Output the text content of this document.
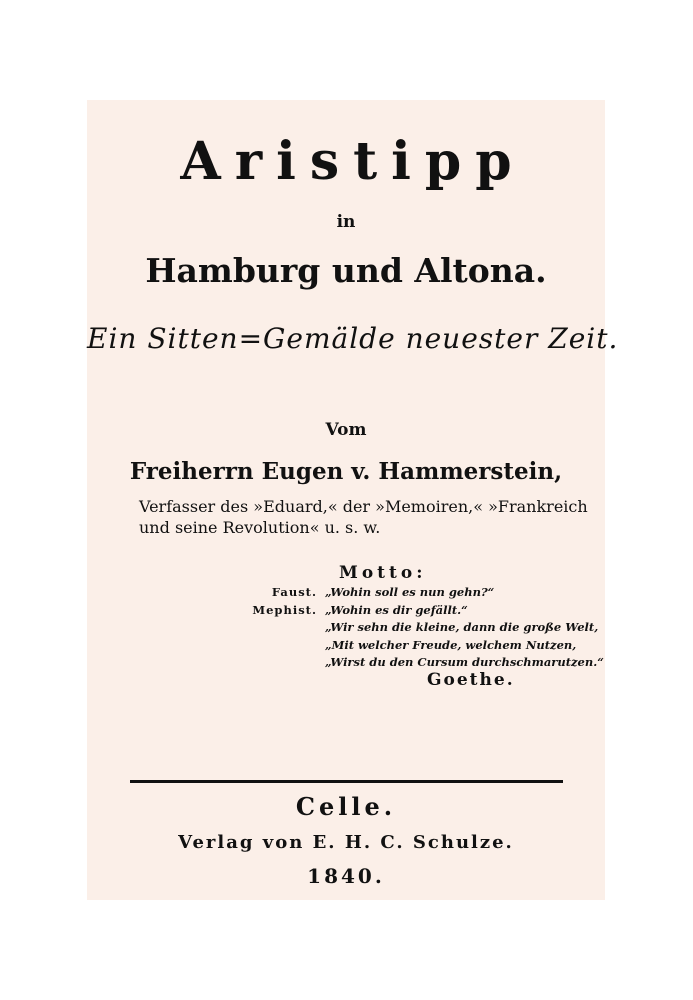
Aristipp
in
Hamburg und Altona.
Ein Sitten=Gemälde neuester Zeit.
Vom
Freiherrn Eugen v. Hammerstein,
Verfasser des »Eduard,« der »Memoiren,« »Frankreich
und seine Revolution« u. s. w.
Motto:
Faust. „Wohin soll es nun gehn?“
Mephist. „Wohin es dir gefällt.“
„Wir sehn die kleine, dann die große Welt,
„Mit welcher Freude, welchem Nutzen,
„Wirst du den Cursum durchschmarutzen.“
Goethe.
Celle.
Verlag von E. H. C. Schulze.
1840.
